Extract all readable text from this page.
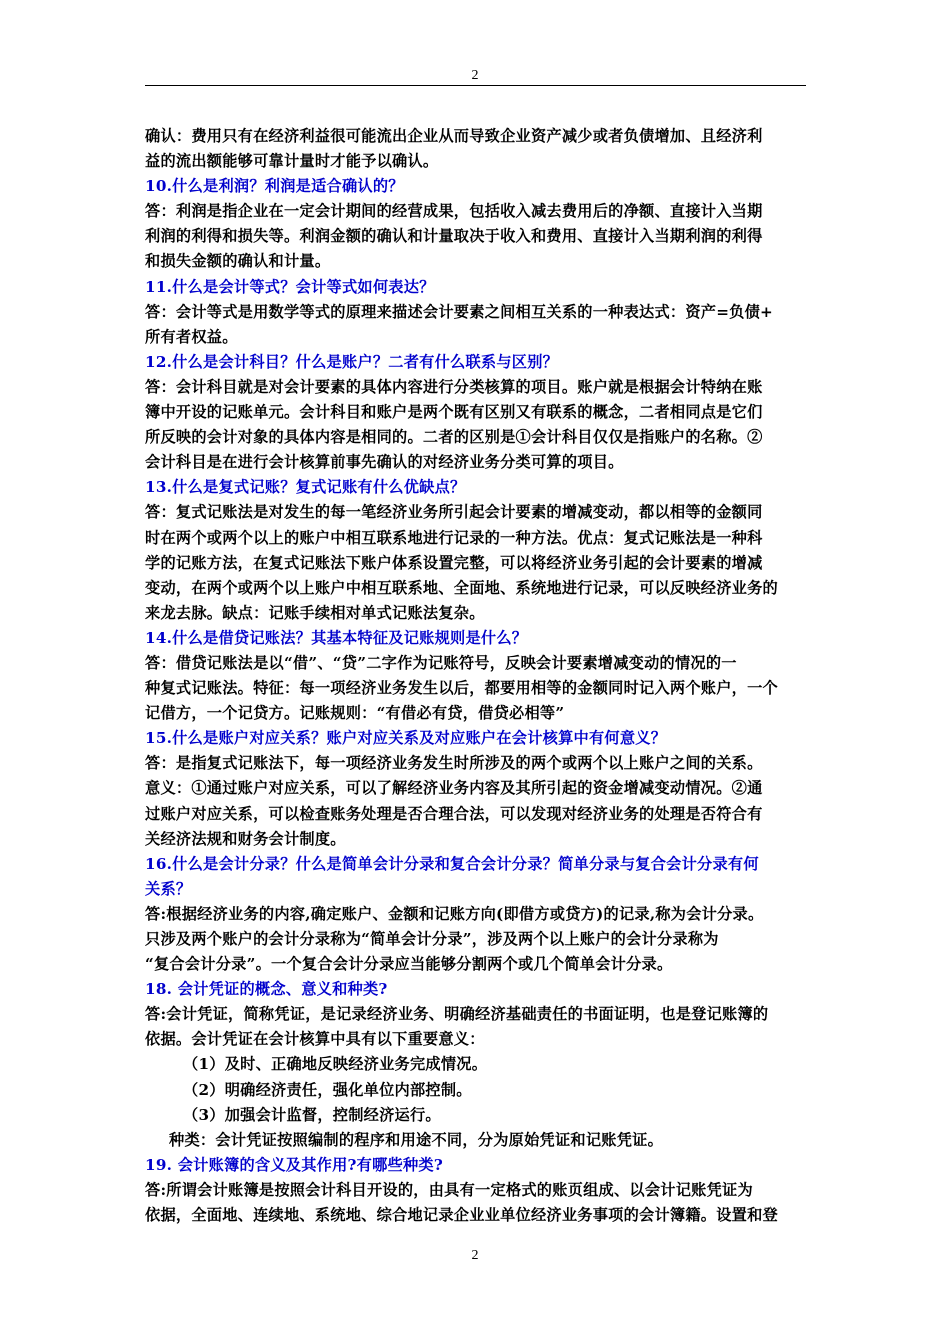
2
确认：费用只有在经济利益很可能流出企业从而导致企业资产减少或者负债增加、且经济利
益的流出额能够可靠计量时才能予以确认。
10.什么是利润？利润是适合确认的？
答：利润是指企业在一定会计期间的经营成果，包括收入减去费用后的净额、直接计入当期
利润的利得和损失等。利润金额的确认和计量取决于收入和费用、直接计入当期利润的利得
和损失金额的确认和计量。
11.什么是会计等式？会计等式如何表达？
答：会计等式是用数学等式的原理来描述会计要素之间相互关系的一种表达式：资产=负债+
所有者权益。
12.什么是会计科目？什么是账户？二者有什么联系与区别？
答：会计科目就是对会计要素的具体内容进行分类核算的项目。账户就是根据会计特纳在账
簿中开设的记账单元。会计科目和账户是两个既有区别又有联系的概念，二者相同点是它们
所反映的会计对象的具体内容是相同的。二者的区别是①会计科目仅仅是指账户的名称。②
会计科目是在进行会计核算前事先确认的对经济业务分类可算的项目。
13.什么是复式记账？复式记账有什么优缺点？
答：复式记账法是对发生的每一笔经济业务所引起会计要素的增减变动，都以相等的金额同
时在两个或两个以上的账户中相互联系地进行记录的一种方法。优点：复式记账法是一种科
学的记账方法，在复式记账法下账户体系设置完整，可以将经济业务引起的会计要素的增减
变动，在两个或两个以上账户中相互联系地、全面地、系统地进行记录，可以反映经济业务的
来龙去脉。缺点：记账手续相对单式记账法复杂。
14.什么是借贷记账法？其基本特征及记账规则是什么？
答：借贷记账法是以“借”、“贷”二字作为记账符号，反映会计要素增减变动的情况的一
种复式记账法。特征：每一项经济业务发生以后，都要用相等的金额同时记入两个账户，一个
记借方，一个记贷方。记账规则：“有借必有贷，借贷必相等”
15.什么是账户对应关系？账户对应关系及对应账户在会计核算中有何意义？
答：是指复式记账法下，每一项经济业务发生时所涉及的两个或两个以上账户之间的关系。
意义：①通过账户对应关系，可以了解经济业务内容及其所引起的资金增减变动情况。②通
过账户对应关系，可以检查账务处理是否合理合法，可以发现对经济业务的处理是否符合有
关经济法规和财务会计制度。
16.什么是会计分录？什么是简单会计分录和复合会计分录？简单分录与复合会计分录有何
关系？
答:根据经济业务的内容,确定账户、金额和记账方向(即借方或贷方)的记录,称为会计分录。
只涉及两个账户的会计分录称为“简单会计分录”，涉及两个以上账户的会计分录称为
“复合会计分录”。一个复合会计分录应当能够分割两个或几个简单会计分录。
18. 会计凭证的概念、意义和种类?
答:会计凭证，简称凭证，是记录经济业务、明确经济基础责任的书面证明，也是登记账簿的
依据。会计凭证在会计核算中具有以下重要意义：
（1）及时、正确地反映经济业务完成情况。
（2）明确经济责任，强化单位内部控制。
（3）加强会计监督，控制经济运行。
种类：会计凭证按照编制的程序和用途不同，分为原始凭证和记账凭证。
19. 会计账簿的含义及其作用?有哪些种类?
答:所谓会计账簿是按照会计科目开设的，由具有一定格式的账页组成、以会计记账凭证为
依据，全面地、连续地、系统地、综合地记录企业业单位经济业务事项的会计簿籍。设置和登
2
